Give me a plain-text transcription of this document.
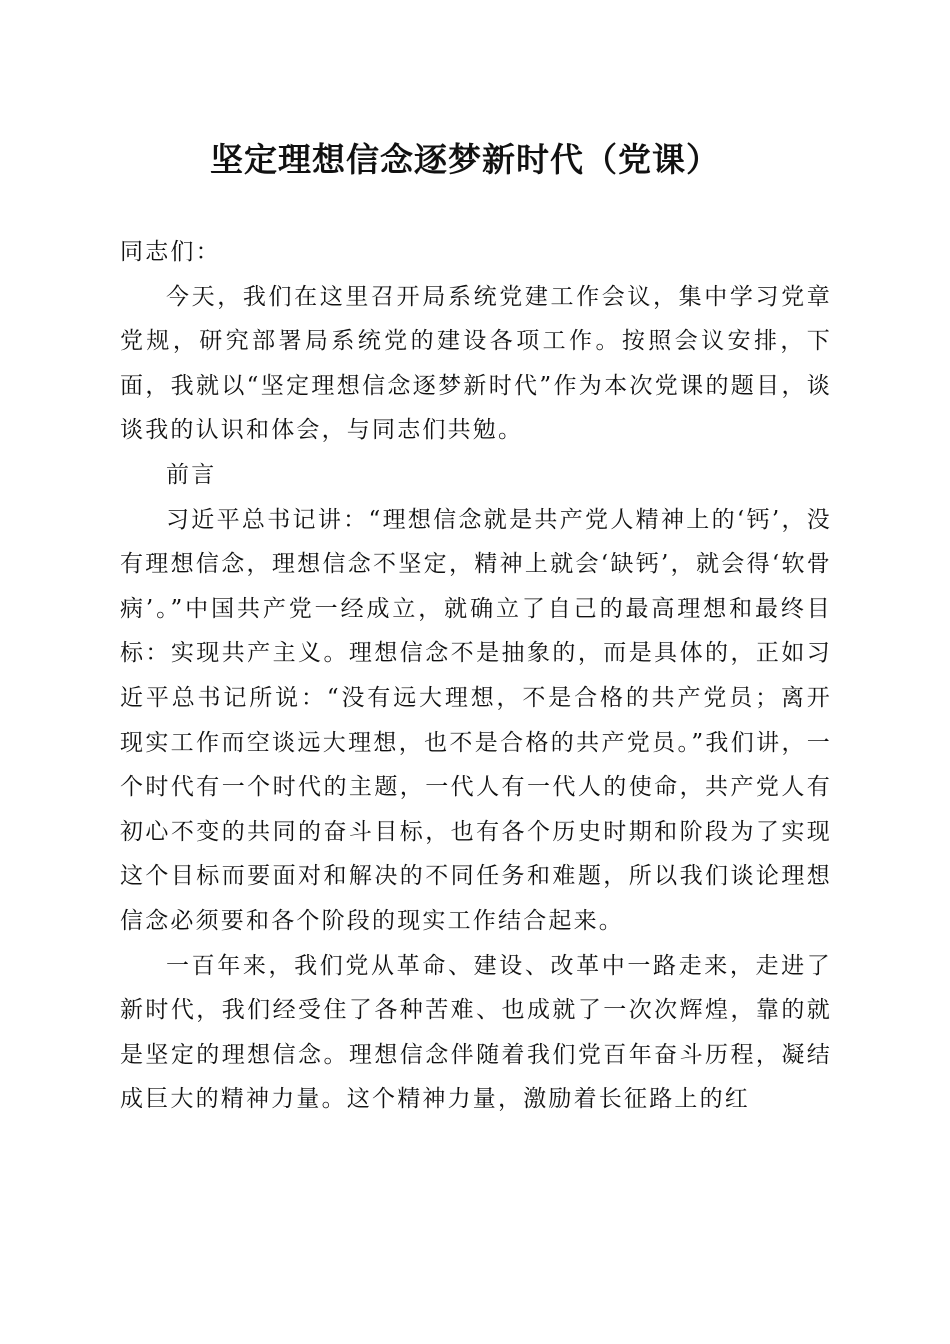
坚定理想信念逐梦新时代（党课）

同志们：

今天，我们在这里召开局系统党建工作会议，集中学习党章党规，研究部署局系统党的建设各项工作。按照会议安排，下面，我就以“坚定理想信念逐梦新时代”作为本次党课的题目，谈谈我的认识和体会，与同志们共勉。

前言

习近平总书记讲：“理想信念就是共产党人精神上的‘钙’，没有理想信念，理想信念不坚定，精神上就会‘缺钙’，就会得‘软骨病’。”中国共产党一经成立，就确立了自己的最高理想和最终目标：实现共产主义。理想信念不是抽象的，而是具体的，正如习近平总书记所说：“没有远大理想，不是合格的共产党员；离开现实工作而空谈远大理想，也不是合格的共产党员。”我们讲，一个时代有一个时代的主题，一代人有一代人的使命，共产党人有初心不变的共同的奋斗目标，也有各个历史时期和阶段为了实现这个目标而要面对和解决的不同任务和难题，所以我们谈论理想信念必须要和各个阶段的现实工作结合起来。

一百年来，我们党从革命、建设、改革中一路走来，走进了新时代，我们经受住了各种苦难、也成就了一次次辉煌，靠的就是坚定的理想信念。理想信念伴随着我们党百年奋斗历程，凝结成巨大的精神力量。这个精神力量，激励着长征路上的红
